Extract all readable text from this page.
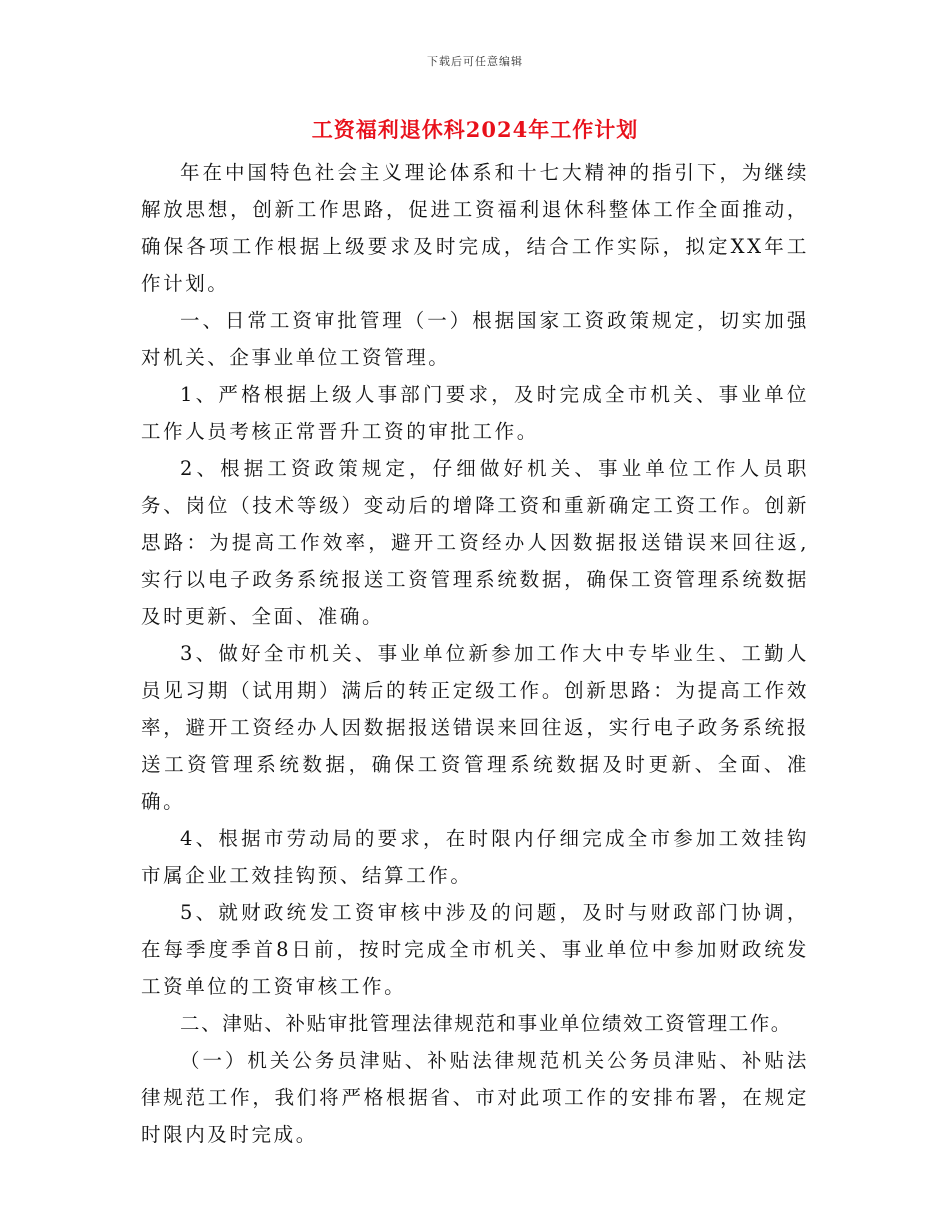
下载后可任意编辑
工资福利退休科2024年工作计划

年在中国特色社会主义理论体系和十七大精神的指引下，为继续解放思想，创新工作思路，促进工资福利退休科整体工作全面推动，确保各项工作根据上级要求及时完成，结合工作实际，拟定XX年工作计划。

一、日常工资审批管理（一）根据国家工资政策规定，切实加强对机关、企事业单位工资管理。

1、严格根据上级人事部门要求，及时完成全市机关、事业单位工作人员考核正常晋升工资的审批工作。

2、根据工资政策规定，仔细做好机关、事业单位工作人员职务、岗位（技术等级）变动后的增降工资和重新确定工资工作。创新思路：为提高工作效率，避开工资经办人因数据报送错误来回往返,实行以电子政务系统报送工资管理系统数据，确保工资管理系统数据及时更新、全面、准确。

3、做好全市机关、事业单位新参加工作大中专毕业生、工勤人员见习期（试用期）满后的转正定级工作。创新思路：为提高工作效率，避开工资经办人因数据报送错误来回往返，实行电子政务系统报送工资管理系统数据，确保工资管理系统数据及时更新、全面、准确。

4、根据市劳动局的要求，在时限内仔细完成全市参加工效挂钩市属企业工效挂钩预、结算工作。

5、就财政统发工资审核中涉及的问题，及时与财政部门协调，在每季度季首8日前，按时完成全市机关、事业单位中参加财政统发工资单位的工资审核工作。

二、津贴、补贴审批管理法律规范和事业单位绩效工资管理工作。

（一）机关公务员津贴、补贴法律规范机关公务员津贴、补贴法律规范工作，我们将严格根据省、市对此项工作的安排布署，在规定时限内及时完成。
